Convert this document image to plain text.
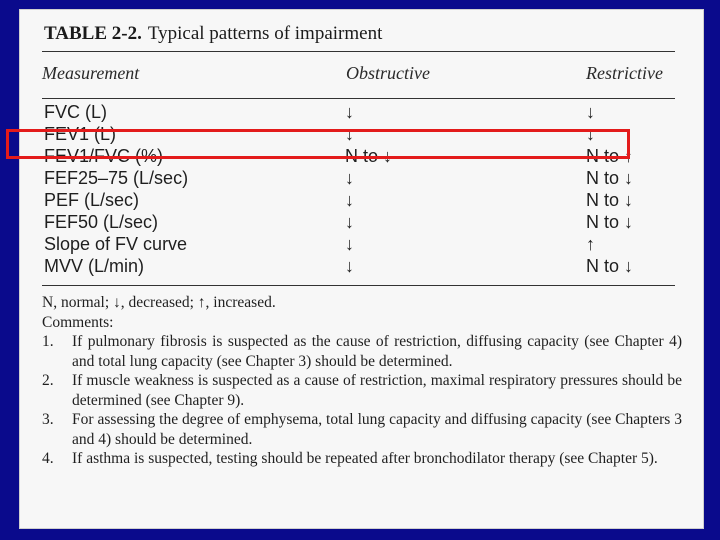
TABLE 2-2. Typical patterns of impairment
Measurement	Obstructive	Restrictive
FVC (L)	↓	↓
FEV1 (L)	↓	↓
FEV1/FVC (%)	N to ↓	N to ↑
FEF25–75 (L/sec)	↓	N to ↓
PEF (L/sec)	↓	N to ↓
FEF50 (L/sec)	↓	N to ↓
Slope of FV curve	↓	↑
MVV (L/min)	↓	N to ↓

N, normal; ↓, decreased; ↑, increased.

Comments:

1. If pulmonary fibrosis is suspected as the cause of restriction, diffusing capacity (see Chapter 4) and total lung capacity (see Chapter 3) should be determined.

2. If muscle weakness is suspected as a cause of restriction, maximal respiratory pressures should be determined (see Chapter 9).

3. For assessing the degree of emphysema, total lung capacity and diffusing capacity (see Chapters 3 and 4) should be determined.

4. If asthma is suspected, testing should be repeated after bronchodilator therapy (see Chapter 5).
